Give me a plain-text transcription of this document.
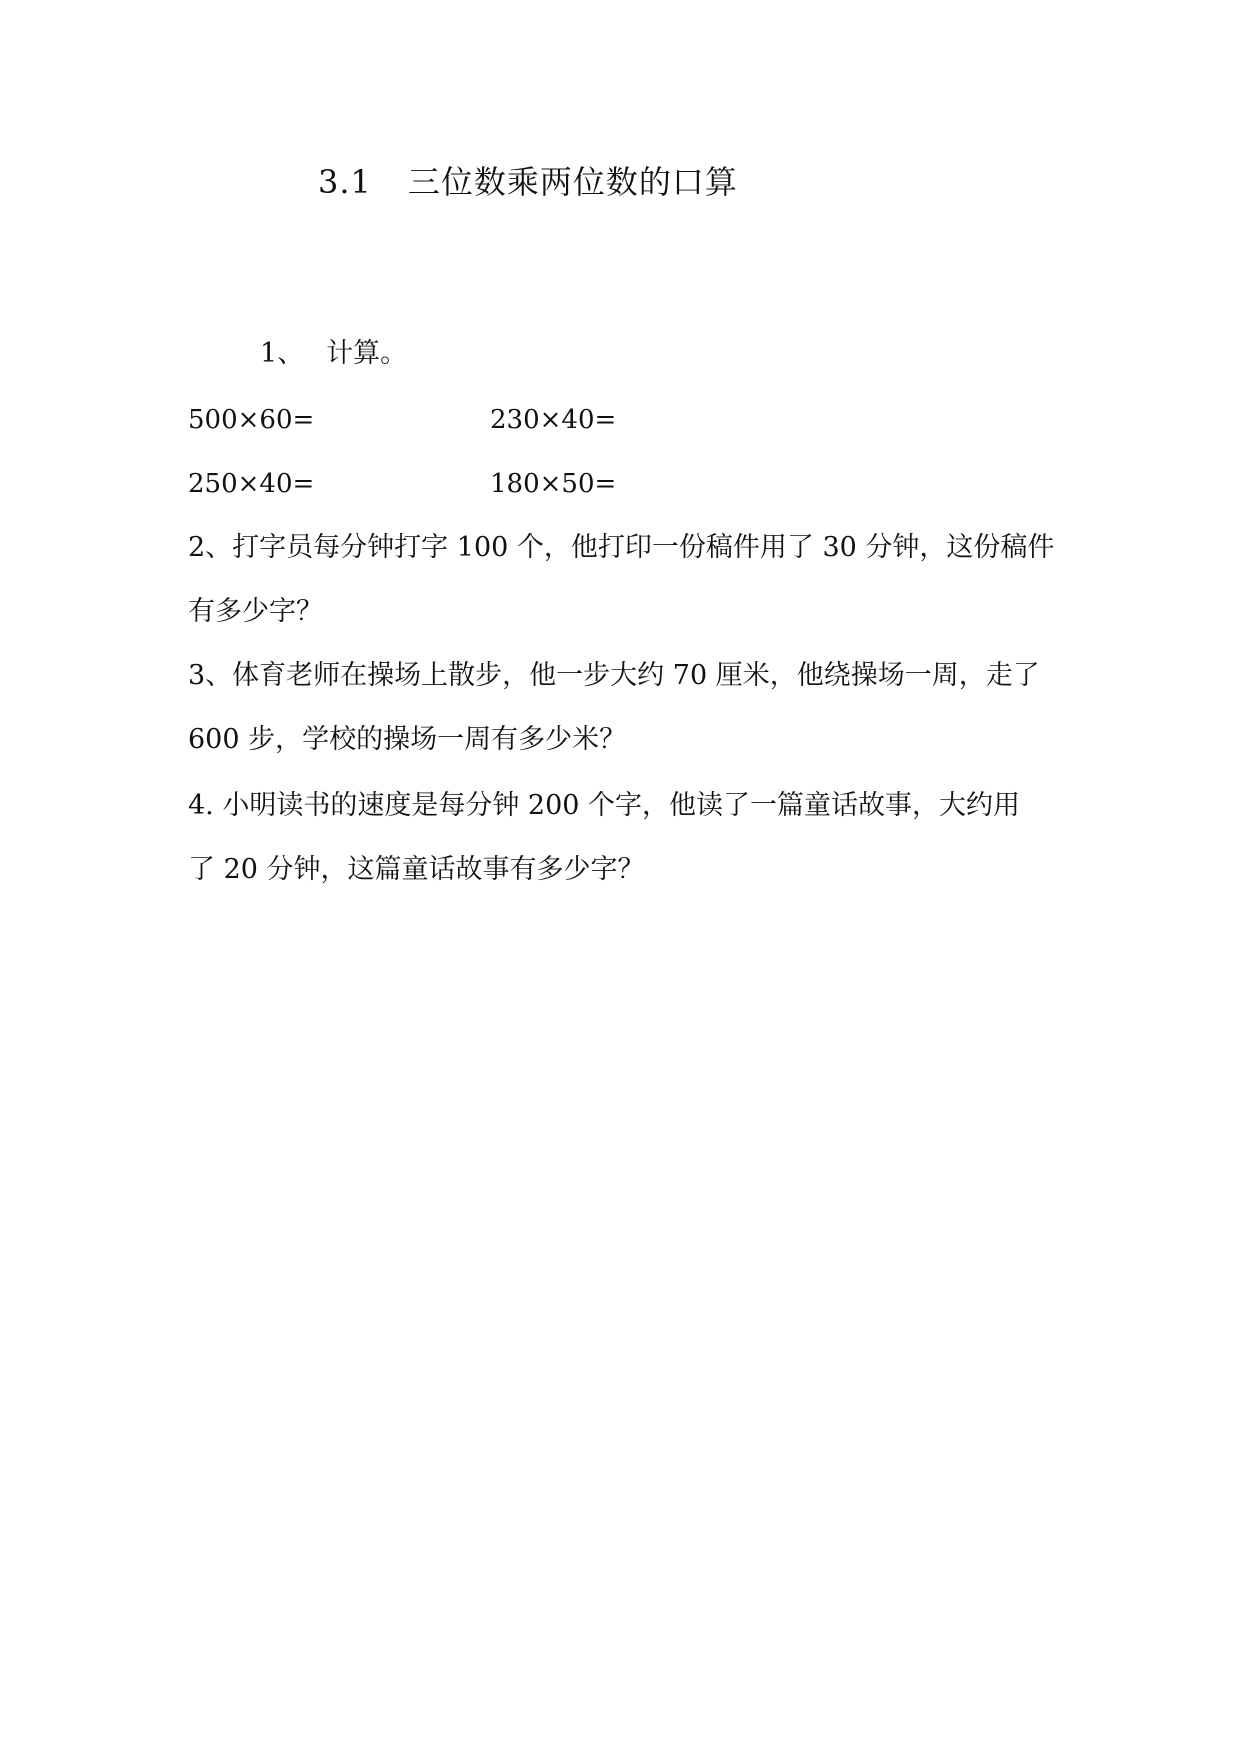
3.1 三位数乘两位数的口算
1、 计算。
500×60=	230×40=
250×40=	180×50=
2、打字员每分钟打字 100 个，他打印一份稿件用了 30 分钟，这份稿件
有多少字？
3、体育老师在操场上散步，他一步大约 70 厘米，他绕操场一周，走了
600 步，学校的操场一周有多少米？
4. 小明读书的速度是每分钟 200 个字，他读了一篇童话故事，大约用
了 20 分钟，这篇童话故事有多少字？
